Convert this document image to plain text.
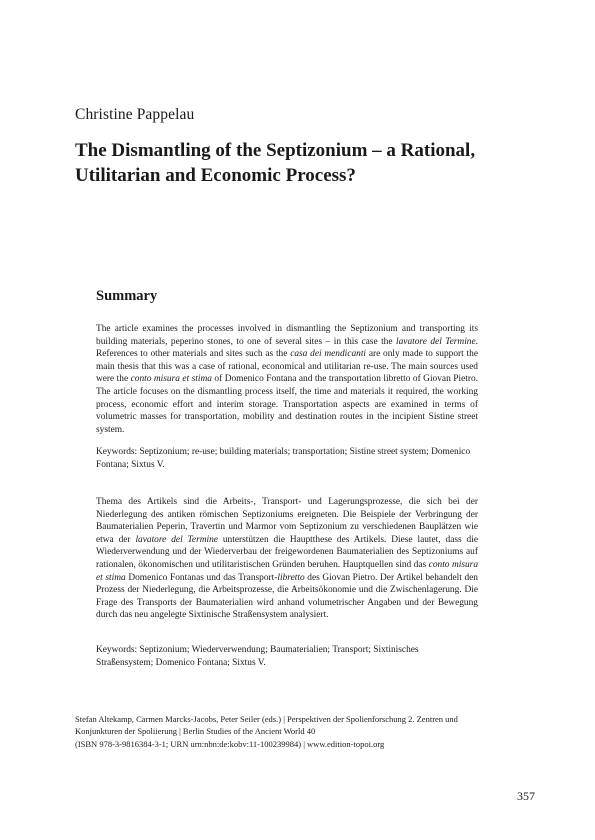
Christine Pappelau
The Dismantling of the Septizonium – a Rational, Utilitarian and Economic Process?
Summary

The article examines the processes involved in dismantling the Septizonium and transporting its building materials, peperino stones, to one of several sites – in this case the lavatore del Termine. References to other materials and sites such as the casa dei mendicanti are only made to support the main thesis that this was a case of rational, economical and utilitarian re-use. The main sources used were the conto misura et stima of Domenico Fontana and the transportation libretto of Giovan Pietro. The article focuses on the dismantling process itself, the time and materials it required, the working process, economic effort and interim storage. Transportation aspects are examined in terms of volumetric masses for transportation, mobility and destination routes in the incipient Sistine street system.

Keywords: Septizonium; re-use; building materials; transportation; Sistine street system; Domenico Fontana; Sixtus V.

Thema des Artikels sind die Arbeits-, Transport- und Lagerungsprozesse, die sich bei der Niederlegung des antiken römischen Septizoniums ereigneten. Die Beispiele der Verbringung der Baumaterialien Peperin, Travertin und Marmor vom Septizonium zu verschiedenen Bauplätzen wie etwa der lavatore del Termine unterstützen die Hauptthese des Artikels. Diese lautet, dass die Wiederverwendung und der Wiederverbau der freigewordenen Baumaterialien des Septizoniums auf rationalen, ökonomischen und utilitaristischen Gründen beruhen. Hauptquellen sind das conto misura et stima Domenico Fontanas und das Transport-libretto des Giovan Pietro. Der Artikel behandelt den Prozess der Niederlegung, die Arbeitsprozesse, die Arbeitsökonomie und die Zwischenlagerung. Die Frage des Transports der Baumaterialien wird anhand volumetrischer Angaben und der Bewegung durch das neu angelegte Sixtinische Straßensystem analysiert.

Keywords: Septizonium; Wiederverwendung; Baumaterialien; Transport; Sixtinisches Straßensystem; Domenico Fontana; Sixtus V.

Stefan Altekamp, Carmen Marcks-Jacobs, Peter Seiler (eds.) | Perspektiven der Spolienforschung 2. Zentren und Konjunkturen der Spoliierung | Berlin Studies of the Ancient World 40
(ISBN 978-3-9816384-3-1; URN urn:nbn:de:kobv:11-100239984) | www.edition-topoi.org
357
